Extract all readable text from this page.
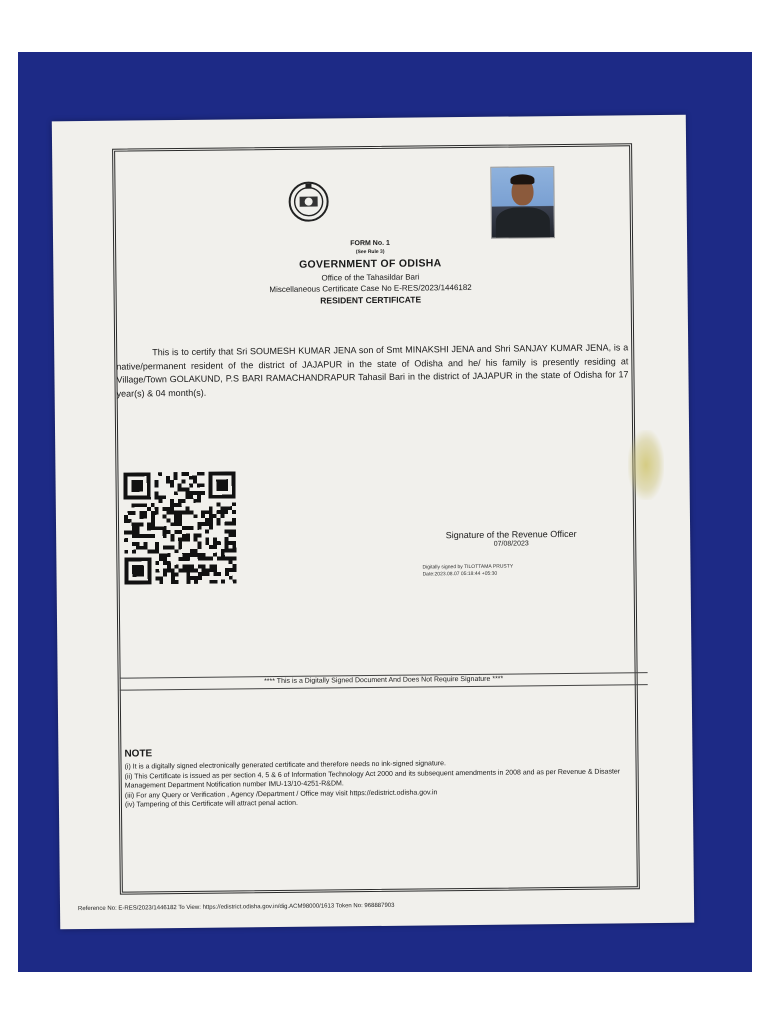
FORM No. 1
(See Rule 3)
GOVERNMENT OF ODISHA
Office of the Tahasildar Bari
Miscellaneous Certificate Case No E-RES/2023/1446182
RESIDENT CERTIFICATE
This is to certify that Sri SOUMESH KUMAR JENA son of Smt MINAKSHI JENA and Shri SANJAY KUMAR JENA, is a native/permanent resident of the district of JAJAPUR in the state of Odisha and he/ his family is presently residing at Village/Town GOLAKUND, P.S BARI RAMACHANDRAPUR Tahasil Bari in the district of JAJAPUR in the state of Odisha for 17 year(s) & 04 month(s).
Signature of the Revenue Officer
07/08/2023
Digitally signed by TILOTTAMA PRUSTY
Date:2023.08.07 05:18:44 +05:30
**** This is a Digitally Signed Document And Does Not Require Signature ****
NOTE
(i) It is a digitally signed electronically generated certificate and therefore needs no ink-signed signature.
(ii) This Certificate is issued as per section 4, 5 & 6 of Information Technology Act 2000 and its subsequent amendments in 2008 and as per Revenue & Disaster Management Department Notification number IMU-13/10-4251-R&DM.
(iii) For any Query or Verification , Agency /Department / Office may visit https://edistrict.odisha.gov.in
(iv) Tampering of this Certificate will attract penal action.
Reference No: E-RES/2023/1446182 To View: https://edistrict.odisha.gov.in/dig.ACM98000/1613 Token No: 968887903
